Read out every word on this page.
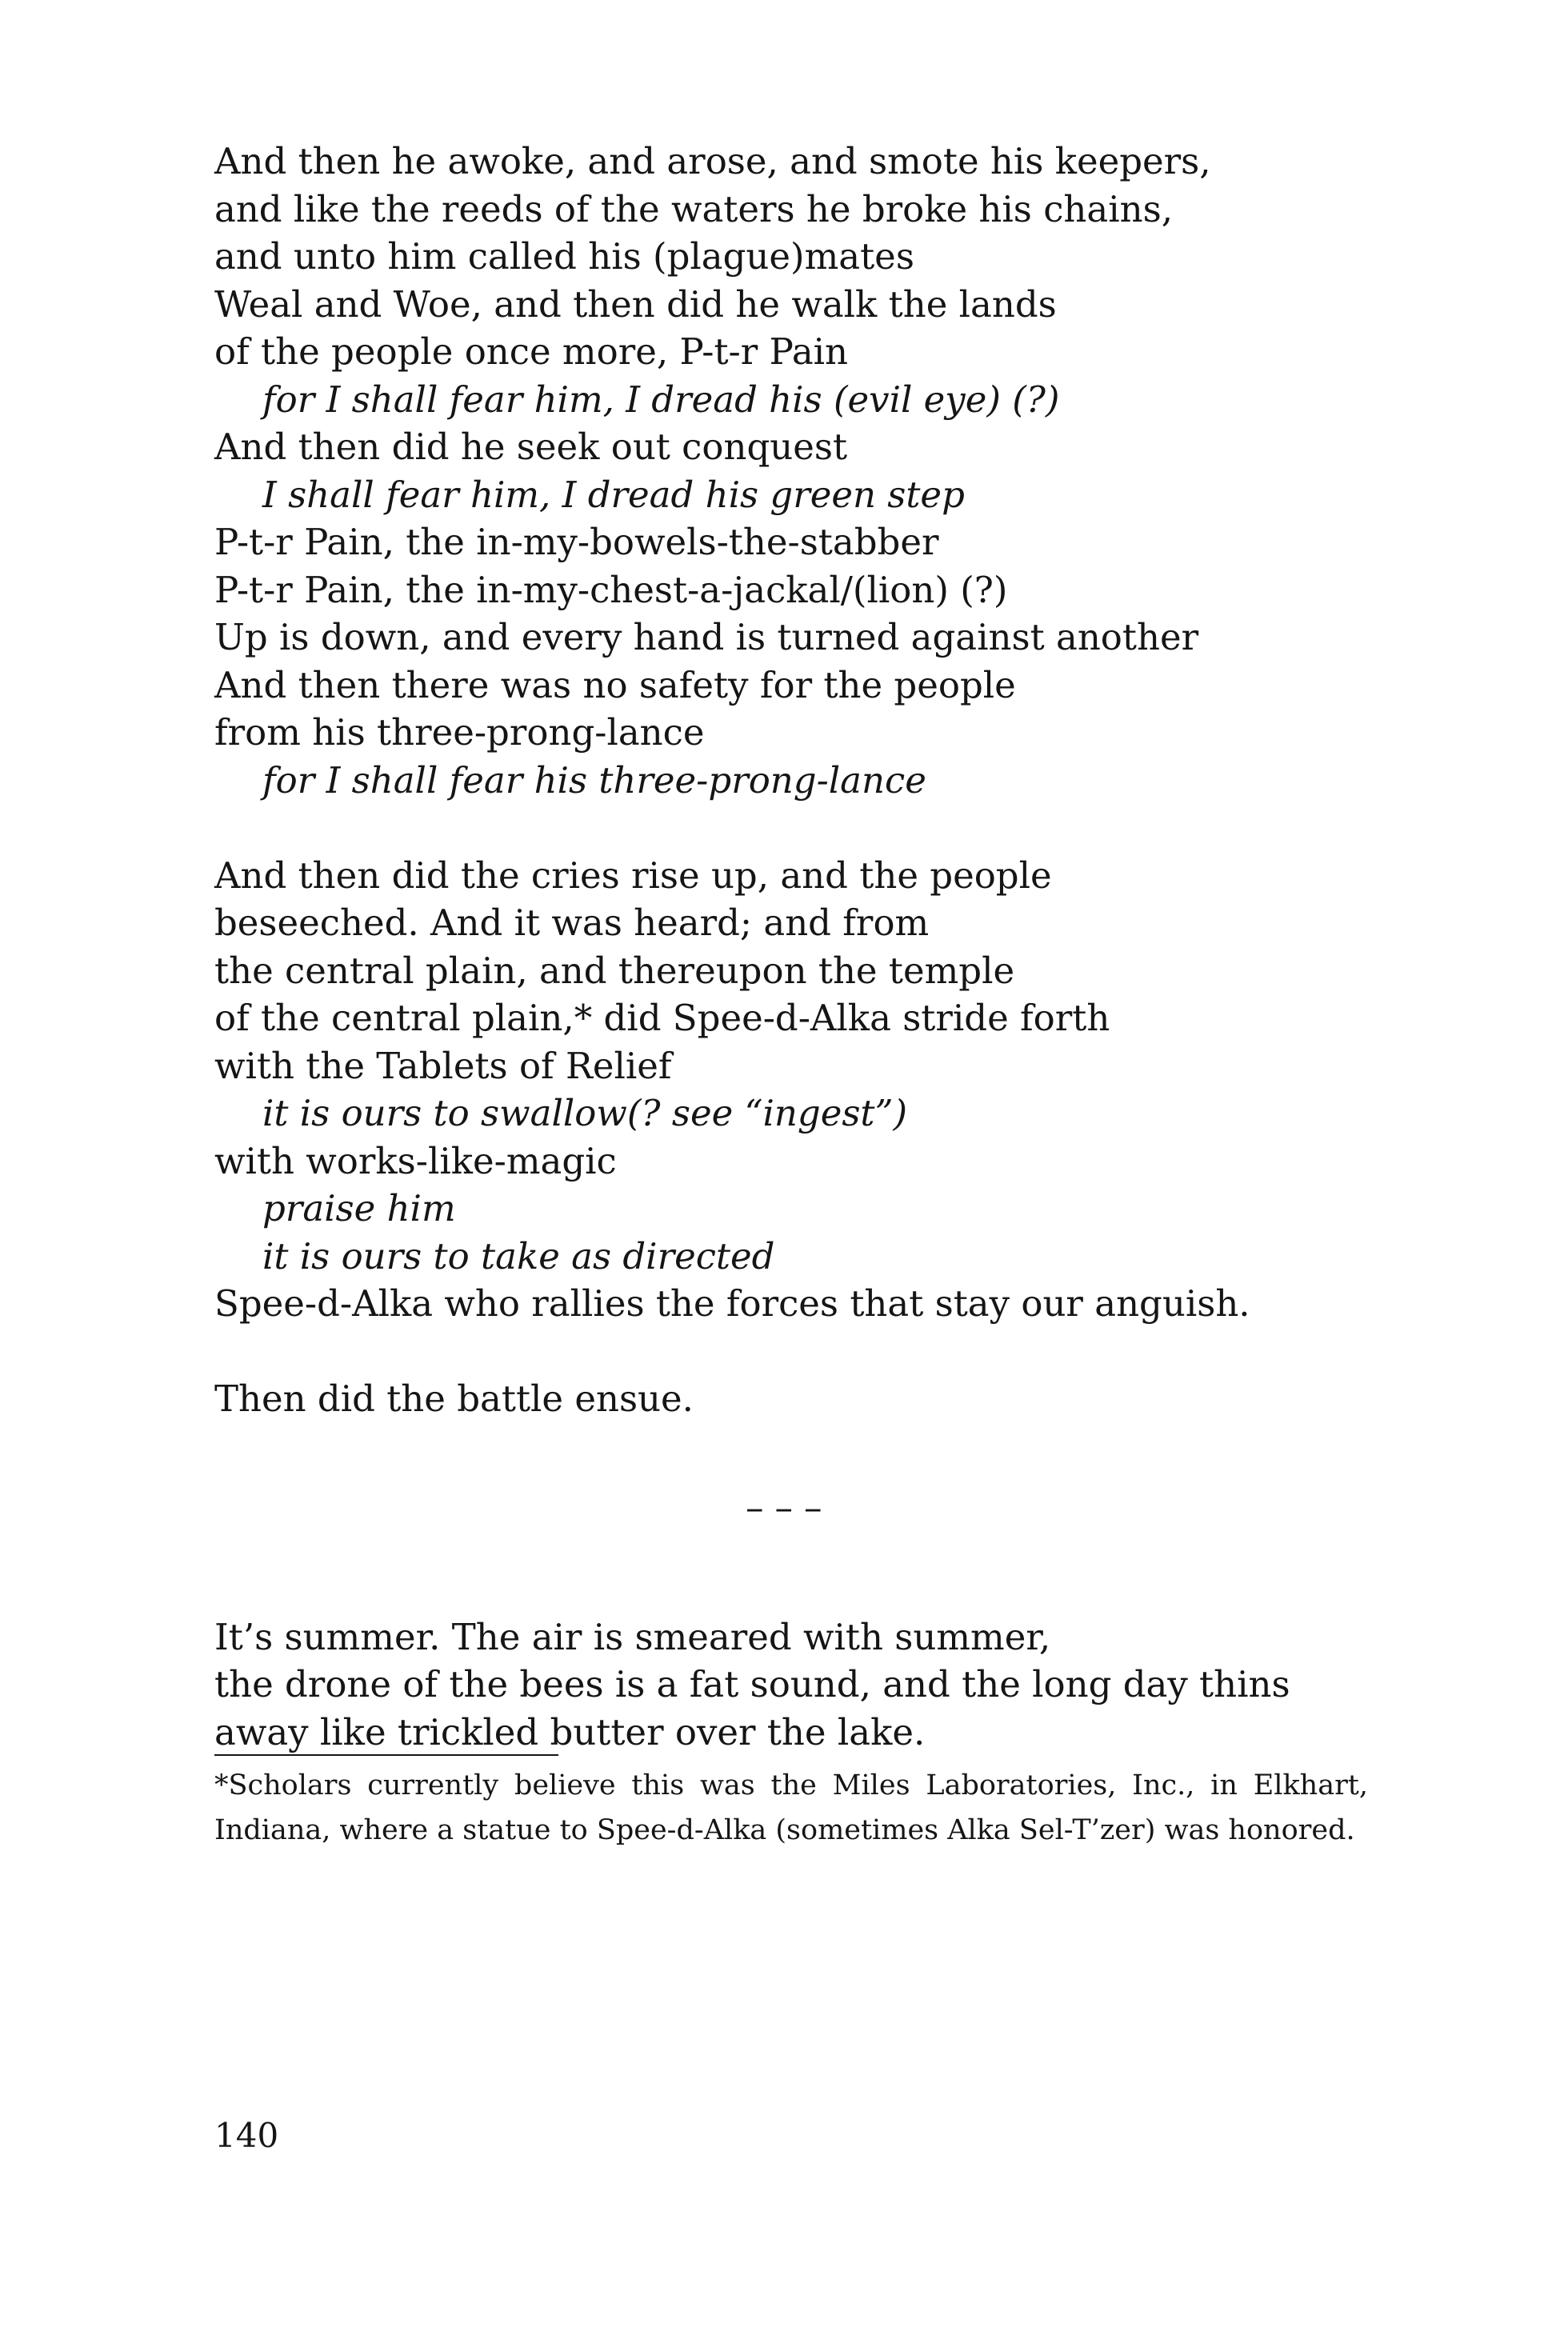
And then he awoke, and arose, and smote his keepers,
and like the reeds of the waters he broke his chains,
and unto him called his (plague)mates
Weal and Woe, and then did he walk the lands
of the people once more, P-t-r Pain
for I shall fear him, I dread his (evil eye) (?)
And then did he seek out conquest
I shall fear him, I dread his green step
P-t-r Pain, the in-my-bowels-the-stabber
P-t-r Pain, the in-my-chest-a-jackal/(lion) (?)
Up is down, and every hand is turned against another
And then there was no safety for the people
from his three-prong-lance
for I shall fear his three-prong-lance
And then did the cries rise up, and the people
beseeched. And it was heard; and from
the central plain, and thereupon the temple
of the central plain,* did Spee-d-Alka stride forth
with the Tablets of Relief
it is ours to swallow(? see “ingest”)
with works-like-magic
praise him
it is ours to take as directed
Spee-d-Alka who rallies the forces that stay our anguish.
Then did the battle ensue.
–––
It’s summer. The air is smeared with summer,
the drone of the bees is a fat sound, and the long day thins
away like trickled butter over the lake.
*Scholars currently believe this was the Miles Laboratories, Inc., in Elkhart, Indiana, where a statue to Spee-d-Alka (sometimes Alka Sel-T’zer) was honored.
140
